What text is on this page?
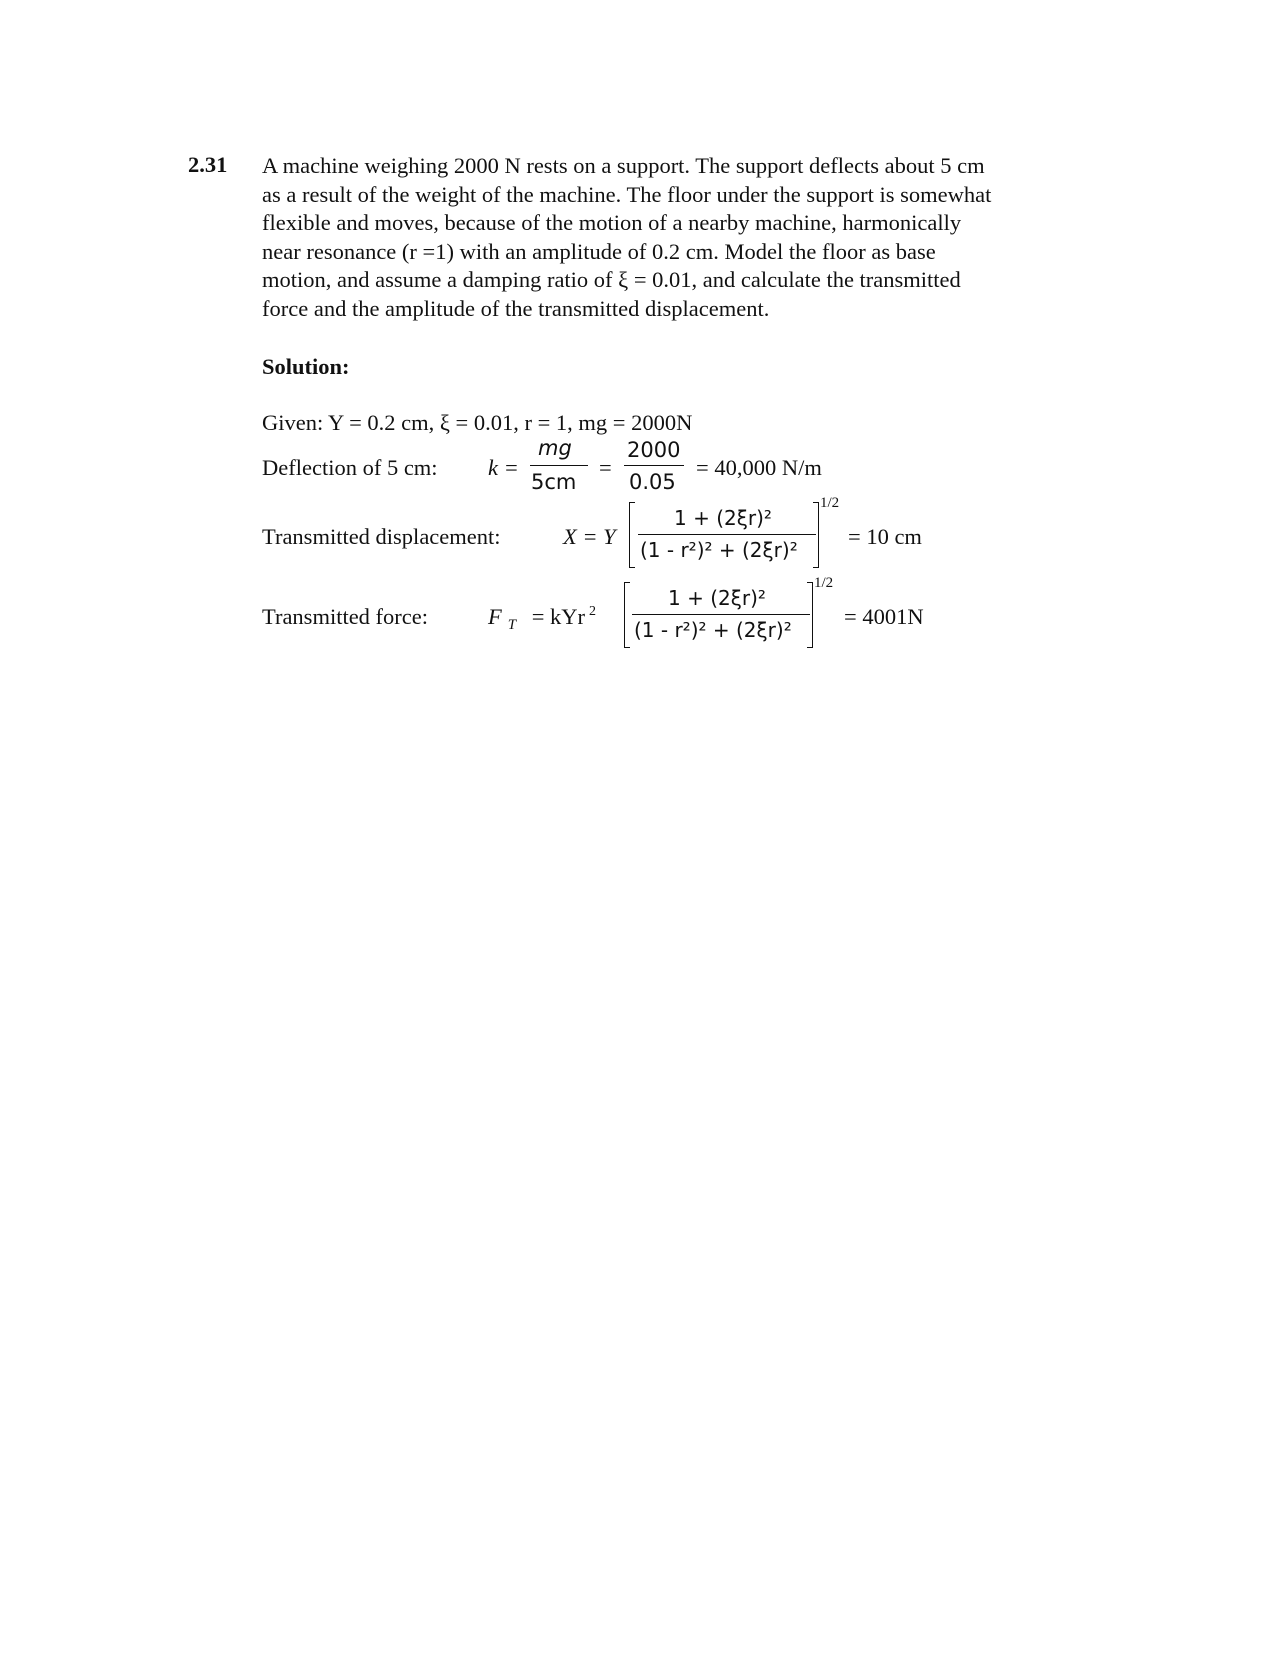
2.31 A machine weighing 2000 N rests on a support. The support deflects about 5 cm
as a result of the weight of the machine. The floor under the support is somewhat
flexible and moves, because of the motion of a nearby machine, harmonically
near resonance (r =1) with an amplitude of 0.2 cm. Model the floor as base
motion, and assume a damping ratio of ξ = 0.01, and calculate the transmitted
force and the amplitude of the transmitted displacement.
Solution:
Given: Y = 0.2 cm, ξ = 0.01, r = 1, mg = 2000N
Deflection of 5 cm: k =
mg
5cm
=
2000
0.05
= 40,000 N/m
Transmitted displacement:	X = Y
1 + (2ξr)²
(1 - r²)² + (2ξr)²
1/2
= 10 cm
Transmitted force:	F $_T$ = kYr $^2$
1 + (2ξr)²
(1 - r²)² + (2ξr)²
1/2
= 4001N
